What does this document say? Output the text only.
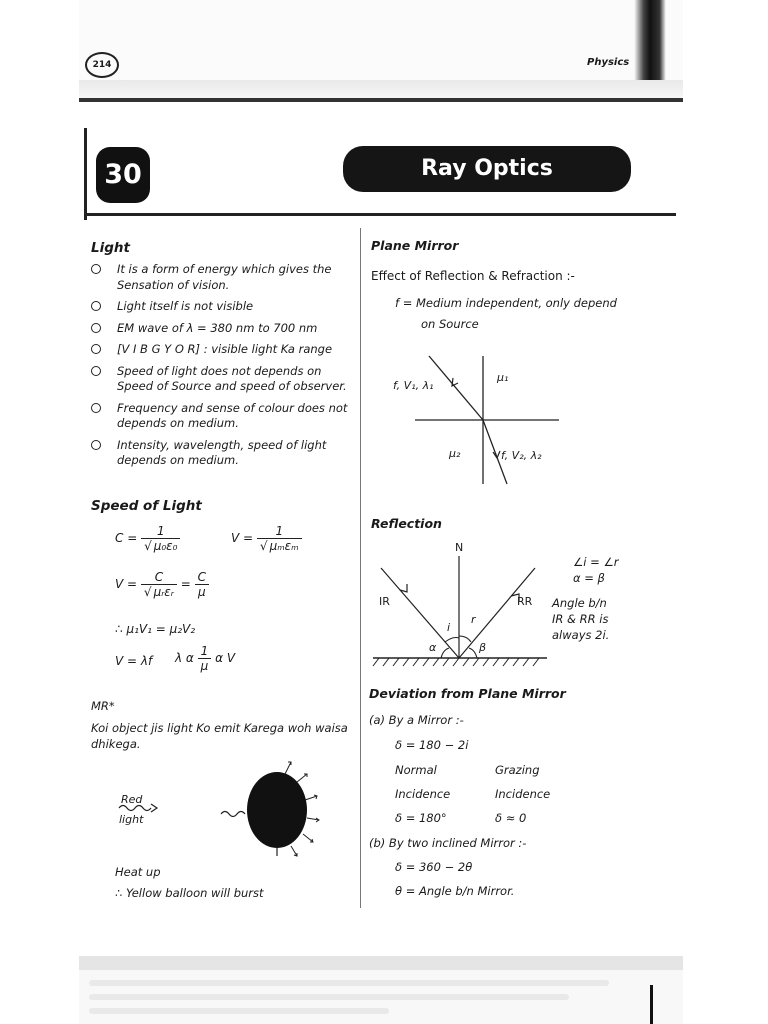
214	Physics
30	Ray Optics
Light
It is a form of energy which gives the Sensation of vision.
Light itself is not visible
EM wave of λ = 380 nm to 700 nm
[V I B G Y O R] : visible light Ka range
Speed of light does not depends on Speed of Source and speed of observer.
Frequency and sense of colour does not depends on medium.
Intensity, wavelength, speed of light depends on medium.
Speed of Light
$C = \frac{1}{\text{√ μ₀ε₀}}$	$V = \frac{1}{\text{√ μₘεₘ}}$
$V = \frac{C}{\text{√ μᵣεᵣ}} = \frac{C}{\mu}$
∴ μ₁V₁ = μ₂V₂
V = λf λ α $\frac{1}{\mu}$ α V
MR*
Koi object jis light Ko emit Karega woh waisa dhikega.
Red
light
Heat up
∴ Yellow balloon will burst
Plane Mirror
Effect of Reflection & Refraction :-
f = Medium independent, only depend
on Source
f, V₁, λ₁
μ₁
μ₂	f, V₂, λ₂
Reflection
N
IR	RR
i
r
α	β
∠i = ∠r
α = β
Angle b/n
IR & RR is
always 2i.
Deviation from Plane Mirror
(a) By a Mirror :-
δ = 180 − 2i
Normal	Grazing
Incidence	Incidence
δ = 180°	δ ≈ 0
(b) By two inclined Mirror :-
δ = 360 − 2θ
θ = Angle b/n Mirror.
